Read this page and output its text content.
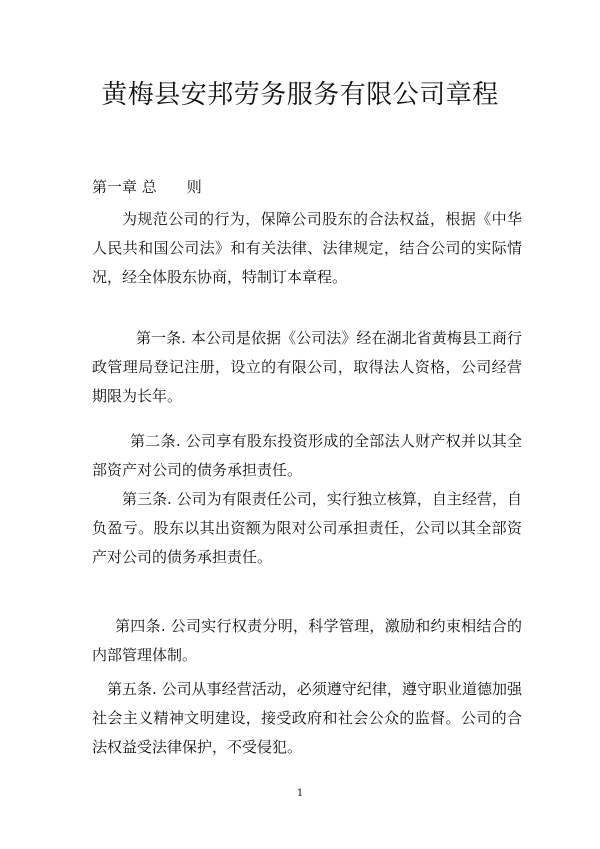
黄梅县安邦劳务服务有限公司章程
第一章 总　　则
为规范公司的行为，保障公司股东的合法权益，根据《中华人民共和国公司法》和有关法律、法律规定，结合公司的实际情况，经全体股东协商，特制订本章程。
第一条. 本公司是依据《公司法》经在湖北省黄梅县工商行政管理局登记注册，设立的有限公司，取得法人资格，公司经营期限为长年。
第二条. 公司享有股东投资形成的全部法人财产权并以其全部资产对公司的债务承担责任。
第三条. 公司为有限责任公司，实行独立核算，自主经营，自负盈亏。股东以其出资额为限对公司承担责任，公司以其全部资产对公司的债务承担责任。
第四条. 公司实行权责分明，科学管理，激励和约束相结合的内部管理体制。
第五条. 公司从事经营活动，必须遵守纪律，遵守职业道德加强社会主义精神文明建设，接受政府和社会公众的监督。公司的合法权益受法律保护，不受侵犯。
1
